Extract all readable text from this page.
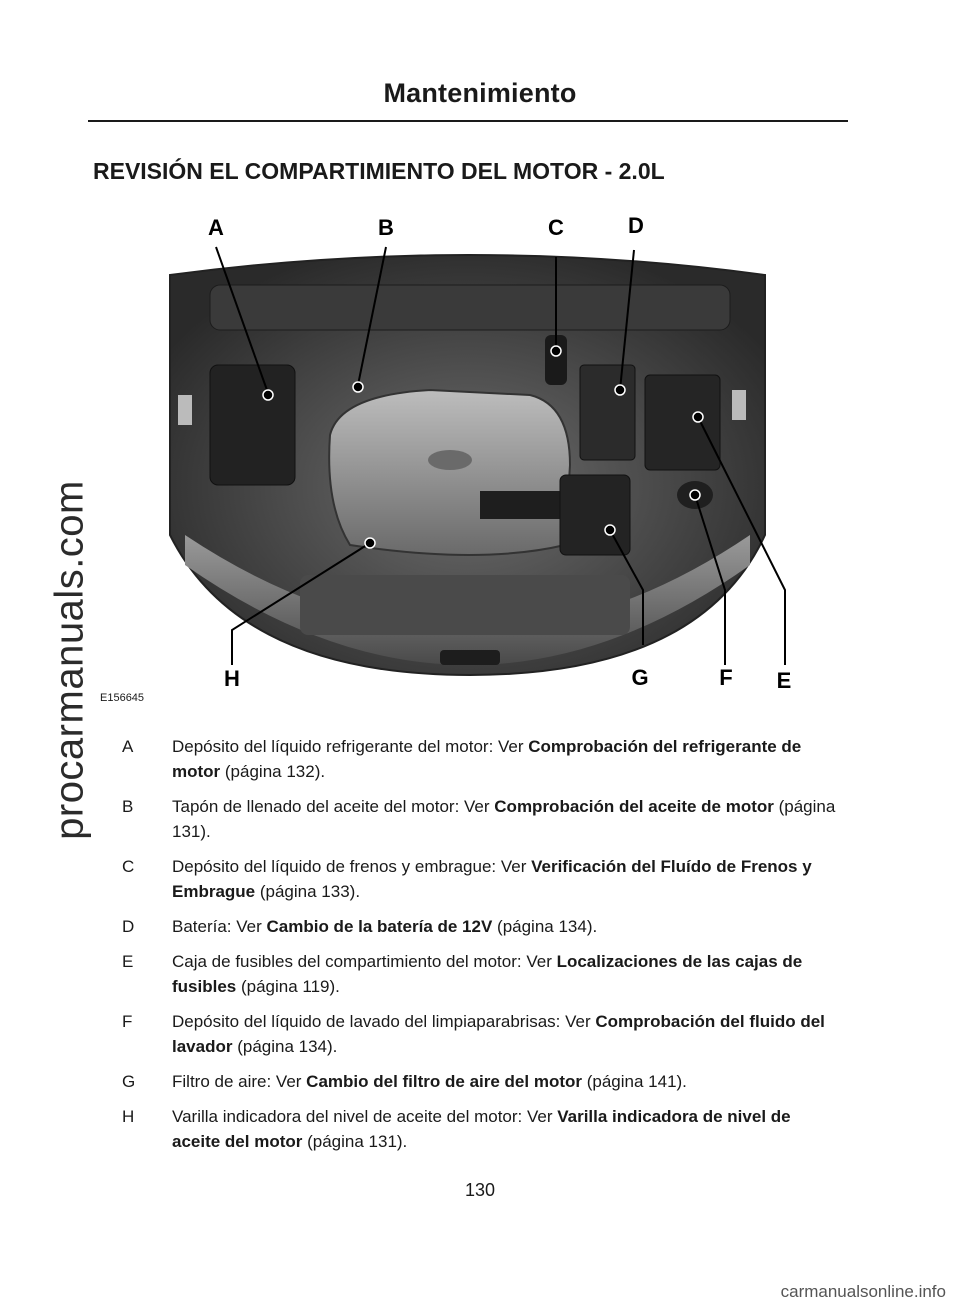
Mantenimiento
REVISIÓN EL COMPARTIMIENTO DEL MOTOR - 2.0L
procarmanuals.com
A	B	C	D
E
F
G
H
E156645
A	Depósito del líquido refrigerante del motor: Ver Comprobación del refrigerante de motor (página 132).
B	Tapón de llenado del aceite del motor: Ver Comprobación del aceite de motor (página 131).
C	Depósito del líquido de frenos y embrague: Ver Verificación del Fluído de Frenos y Embrague (página 133).
D	Batería: Ver Cambio de la batería de 12V (página 134).
E	Caja de fusibles del compartimiento del motor: Ver Localizaciones de las cajas de fusibles (página 119).
F	Depósito del líquido de lavado del limpiaparabrisas: Ver Comprobación del fluido del lavador (página 134).
G	Filtro de aire: Ver Cambio del filtro de aire del motor (página 141).
H	Varilla indicadora del nivel de aceite del motor: Ver Varilla indicadora de nivel de aceite del motor (página 131).
130
carmanualsonline.info
